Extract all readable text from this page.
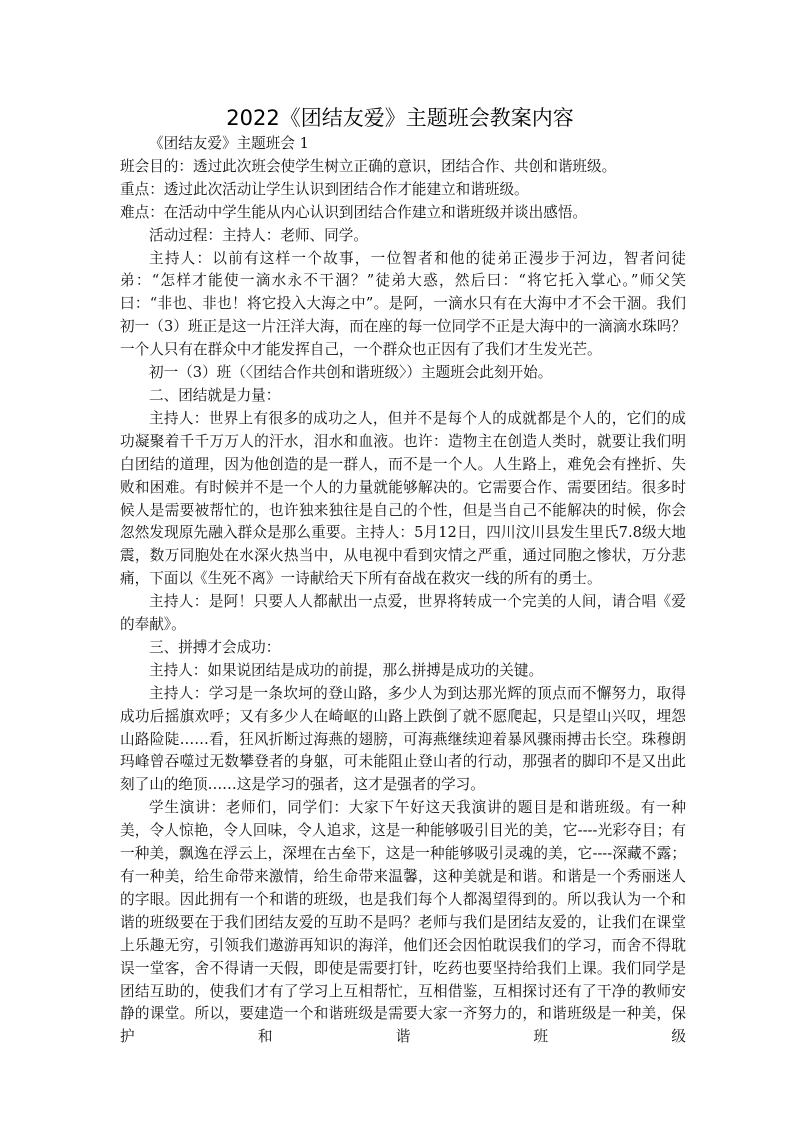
2022《团结友爱》主题班会教案内容

《团结友爱》主题班会 1

班会目的：透过此次班会使学生树立正确的意识，团结合作、共创和谐班级。

重点：透过此次活动让学生认识到团结合作才能建立和谐班级。

难点：在活动中学生能从内心认识到团结合作建立和谐班级并谈出感悟。

活动过程：主持人：老师、同学。

主持人：以前有这样一个故事，一位智者和他的徒弟正漫步于河边，智者问徒弟：“怎样才能使一滴水永不干涸？”徒弟大惑，然后曰：“将它托入掌心。”师父笑曰：“非也、非也！将它投入大海之中”。是阿，一滴水只有在大海中才不会干涸。我们初一（3）班正是这一片汪洋大海，而在座的每一位同学不正是大海中的一滴滴水珠吗？一个人只有在群众中才能发挥自己，一个群众也正因有了我们才生发光芒。

初一（3）班（〈团结合作共创和谐班级〉）主题班会此刻开始。

二、团结就是力量：

主持人：世界上有很多的成功之人，但并不是每个人的成就都是个人的，它们的成功凝聚着千千万万人的汗水，泪水和血液。也许：造物主在创造人类时，就要让我们明白团结的道理，因为他创造的是一群人，而不是一个人。人生路上，难免会有挫折、失败和困难。有时候并不是一个人的力量就能够解决的。它需要合作、需要团结。很多时候人是需要被帮忙的，也许独来独往是自己的个性，但是当自己不能解决的时候，你会忽然发现原先融入群众是那么重要。主持人：5月12日，四川汶川县发生里氏7.8级大地震，数万同胞处在水深火热当中，从电视中看到灾情之严重，通过同胞之惨状，万分悲痛，下面以《生死不离》一诗献给天下所有奋战在救灾一线的所有的勇士。

主持人：是阿！只要人人都献出一点爱，世界将转成一个完美的人间，请合唱《爱的奉献》。

三、拼搏才会成功：

主持人：如果说团结是成功的前提，那么拼搏是成功的关键。

主持人：学习是一条坎坷的登山路，多少人为到达那光辉的顶点而不懈努力，取得成功后摇旗欢呼；又有多少人在崎岖的山路上跌倒了就不愿爬起，只是望山兴叹，埋怨山路险陡……看，狂风折断过海燕的翅膀，可海燕继续迎着暴风骤雨搏击长空。珠穆朗玛峰曾吞噬过无数攀登者的身躯，可未能阻止登山者的行动，那强者的脚印不是又出此刻了山的绝顶……这是学习的强者，这才是强者的学习。

学生演讲：老师们，同学们：大家下午好这天我演讲的题目是和谐班级。有一种美，令人惊艳，令人回味，令人追求，这是一种能够吸引目光的美，它----光彩夺目；有一种美，飘逸在浮云上，深埋在古垒下，这是一种能够吸引灵魂的美，它----深藏不露；有一种美，给生命带来激情，给生命带来温馨，这种美就是和谐。和谐是一个秀丽迷人的字眼。因此拥有一个和谐的班级，也是我们每个人都渴望得到的。所以我认为一个和谐的班级要在于我们团结友爱的互助不是吗？老师与我们是团结友爱的，让我们在课堂上乐趣无穷，引领我们遨游再知识的海洋，他们还会因怕耽误我们的学习，而舍不得耽误一堂客，舍不得请一天假，即使是需要打针，吃药也要坚持给我们上课。我们同学是团结互助的，使我们才有了学习上互相帮忙，互相借鉴，互相探讨还有了干净的教师安静的课堂。所以，要建造一个和谐班级是需要大家一齐努力的，和谐班级是一种美，保护和谐班级
